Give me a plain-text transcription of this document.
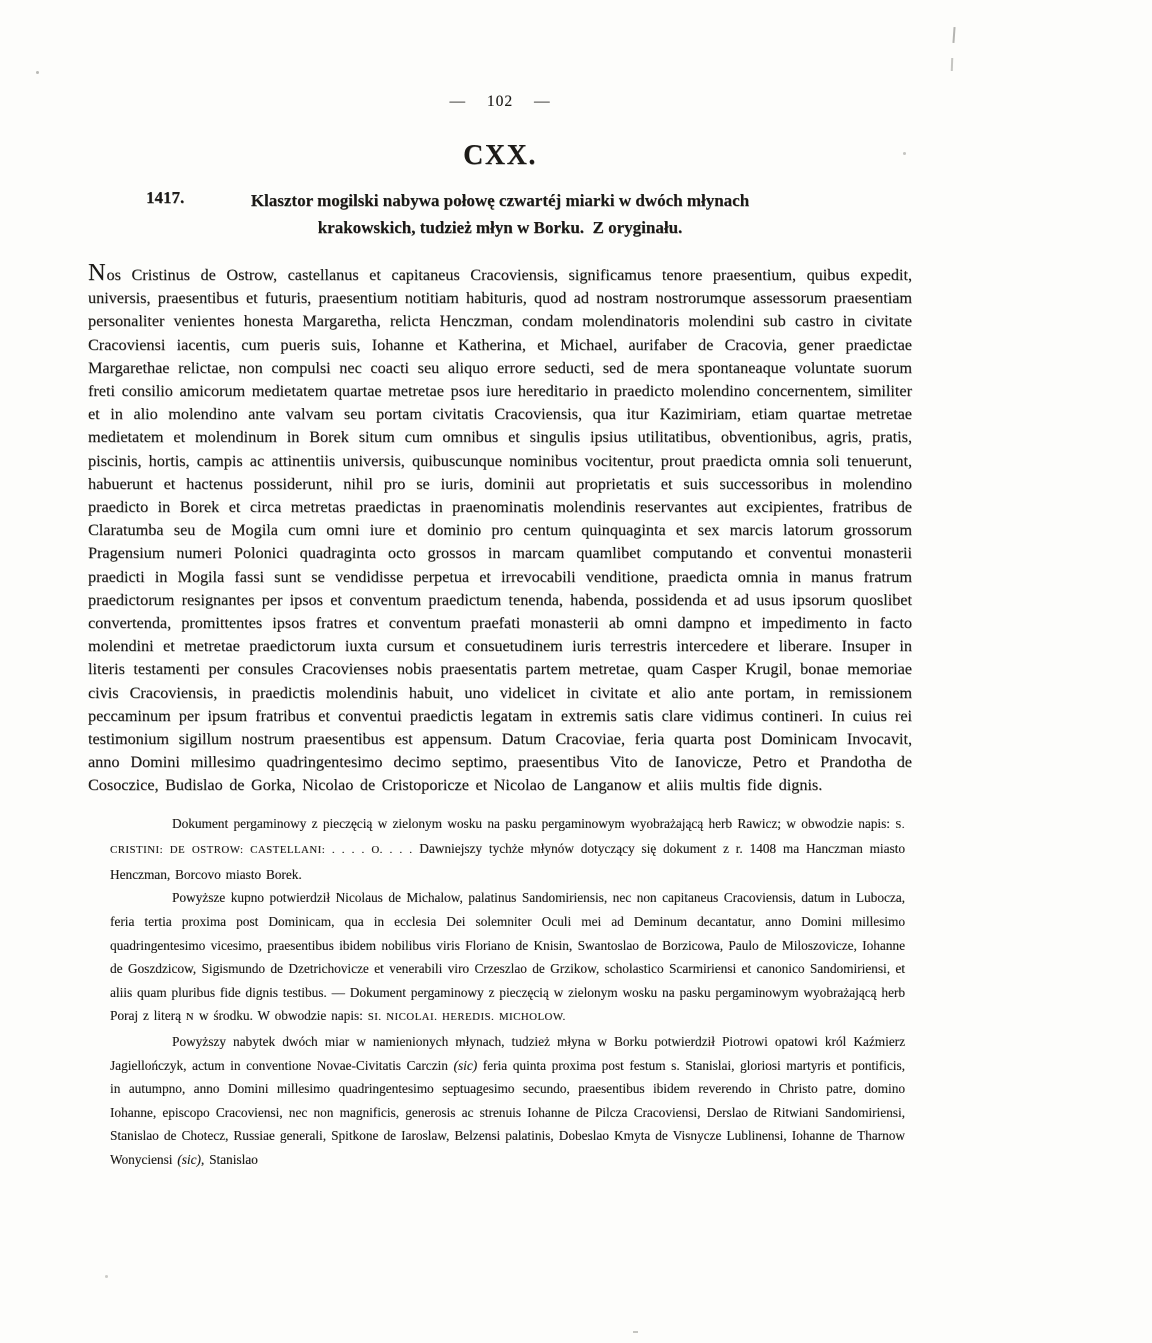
— 102 —
CXX.
1417.	Klasztor mogilski nabywa połowę czwartéj miarki w dwóch młynach

krakowskich, tudzież młyn w Borku.  Z oryginału.

Nos Cristinus de Ostrow, castellanus et capitaneus Cracoviensis, significamus tenore praesentium, quibus expedit, universis, praesentibus et futuris, praesentium notitiam habituris, quod ad nostram nostrorumque assessorum praesentiam personaliter venientes honesta Margaretha, relicta Henczman, condam molendinatoris molendini sub castro in civitate Cracoviensi iacentis, cum pueris suis, Iohanne et Katherina, et Michael, aurifaber de Cracovia, gener praedictae Margarethae relictae, non compulsi nec coacti seu aliquo errore seducti, sed de mera spontaneaque voluntate suorum freti consilio amicorum medietatem quartae metretae psos iure hereditario in praedicto molendino concernentem, similiter et in alio molendino ante valvam seu portam civitatis Cracoviensis, qua itur Kazimiriam, etiam quartae metretae medietatem et molendinum in Borek situm cum omnibus et singulis ipsius utilitatibus, obventionibus, agris, pratis, piscinis, hortis, campis ac attinentiis universis, quibuscunque nominibus vocitentur, prout praedicta omnia soli tenuerunt, habuerunt et hactenus possiderunt, nihil pro se iuris, dominii aut proprietatis et suis successoribus in molendino praedicto in Borek et circa metretas praedictas in praenominatis molendinis reservantes aut excipientes, fratribus de Claratumba seu de Mogila cum omni iure et dominio pro centum quinquaginta et sex marcis latorum grossorum Pragensium numeri Polonici quadraginta octo grossos in marcam quamlibet computando et conventui monasterii praedicti in Mogila fassi sunt se vendidisse perpetua et irrevocabili venditione, praedicta omnia in manus fratrum praedictorum resignantes per ipsos et conventum praedictum tenenda, habenda, possidenda et ad usus ipsorum quoslibet convertenda, promittentes ipsos fratres et conventum praefati monasterii ab omni dampno et impedimento in facto molendini et metretae praedictorum iuxta cursum et consuetudinem iuris terrestris intercedere et liberare. Insuper in literis testamenti per consules Cracovienses nobis praesentatis partem metretae, quam Casper Krugil, bonae memoriae civis Cracoviensis, in praedictis molendinis habuit, uno videlicet in civitate et alio ante portam, in remissionem peccaminum per ipsum fratribus et conventui praedictis legatam in extremis satis clare vidimus contineri. In cuius rei testimonium sigillum nostrum praesentibus est appensum. Datum Cracoviae, feria quarta post Dominicam Invocavit, anno Domini millesimo quadringentesimo decimo septimo, praesentibus Vito de Ianovicze, Petro et Prandotha de Cosoczice, Budislao de Gorka, Nicolao de Cristoporicze et Nicolao de Langanow et aliis multis fide dignis.

Dokument pergaminowy z pieczęcią w zielonym wosku na pasku pergaminowym wyobrażającą herb Rawicz; w obwodzie napis: S. CRISTINI: DE OSTROW: CASTELLANI: . . . . O. . . . Dawniejszy tychże młynów dotyczący się dokument z r. 1408 ma Hanczman miasto Henczman, Borcovo miasto Borek.

Powyższe kupno potwierdził Nicolaus de Michalow, palatinus Sandomiriensis, nec non capitaneus Cracoviensis, datum in Lubocza, feria tertia proxima post Dominicam, qua in ecclesia Dei solemniter Oculi mei ad Deminum decantatur, anno Domini millesimo quadringentesimo vicesimo, praesentibus ibidem nobilibus viris Floriano de Knisin, Swantoslao de Borzicowa, Paulo de Miloszovicze, Iohanne de Goszdzicow, Sigismundo de Dzetrichovicze et venerabili viro Crzeszlao de Grzikow, scholastico Scarmiriensi et canonico Sandomiriensi, et aliis quam pluribus fide dignis testibus. — Dokument pergaminowy z pieczęcią w zielonym wosku na pasku pergaminowym wyobrażającą herb Poraj z literą N w środku. W obwodzie napis: SI. NICOLAI. HEREDIS. MICHOLOW.

Powyższy nabytek dwóch miar w namienionych młynach, tudzież młyna w Borku potwierdził Piotrowi opatowi król Kaźmierz Jagiellończyk, actum in conventione Novae-Civitatis Carczin (sic) feria quinta proxima post festum s. Stanislai, gloriosi martyris et pontificis, in autumpno, anno Domini millesimo quadringentesimo septuagesimo secundo, praesentibus ibidem reverendo in Christo patre, domino Iohanne, episcopo Cracoviensi, nec non magnificis, generosis ac strenuis Iohanne de Pilcza Cracoviensi, Derslao de Ritwiani Sandomiriensi, Stanislao de Chotecz, Russiae generali, Spitkone de Iaroslaw, Belzensi palatinis, Dobeslao Kmyta de Visnycze Lublinensi, Iohanne de Tharnow Wonyciensi (sic), Stanislao
